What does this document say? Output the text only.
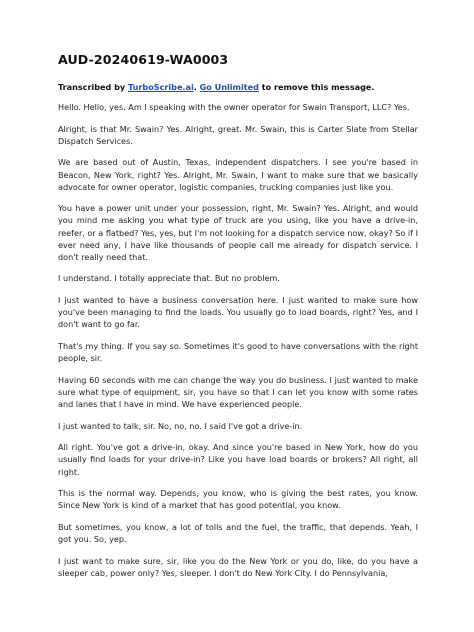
AUD-20240619-WA0003
Transcribed by TurboScribe.ai. Go Unlimited to remove this message.

Hello. Hello, yes. Am I speaking with the owner operator for Swain Transport, LLC? Yes.

Alright, is that Mr. Swain? Yes. Alright, great. Mr. Swain, this is Carter Slate from Stellar Dispatch Services.

We are based out of Austin, Texas, independent dispatchers. I see you're based in Beacon, New York, right? Yes. Alright, Mr. Swain, I want to make sure that we basically advocate for owner operator, logistic companies, trucking companies just like you.

You have a power unit under your possession, right, Mr. Swain? Yes. Alright, and would you mind me asking you what type of truck are you using, like you have a drive-in, reefer, or a flatbed? Yes, yes, but I'm not looking for a dispatch service now, okay? So if I ever need any, I have like thousands of people call me already for dispatch service. I don't really need that.

I understand. I totally appreciate that. But no problem.

I just wanted to have a business conversation here. I just wanted to make sure how you've been managing to find the loads. You usually go to load boards, right? Yes, and I don't want to go far.

That's my thing. If you say so. Sometimes it's good to have conversations with the right people, sir.

Having 60 seconds with me can change the way you do business. I just wanted to make sure what type of equipment, sir, you have so that I can let you know with some rates and lanes that I have in mind. We have experienced people.

I just wanted to talk, sir. No, no, no. I said I've got a drive-in.

All right. You've got a drive-in, okay. And since you're based in New York, how do you usually find loads for your drive-in? Like you have load boards or brokers? All right, all right.

This is the normal way. Depends, you know, who is giving the best rates, you know. Since New York is kind of a market that has good potential, you know.

But sometimes, you know, a lot of tolls and the fuel, the traffic, that depends. Yeah, I got you. So, yep.

I just want to make sure, sir, like you do the New York or you do, like, do you have a sleeper cab, power only? Yes, sleeper. I don't do New York City. I do Pennsylvania,
